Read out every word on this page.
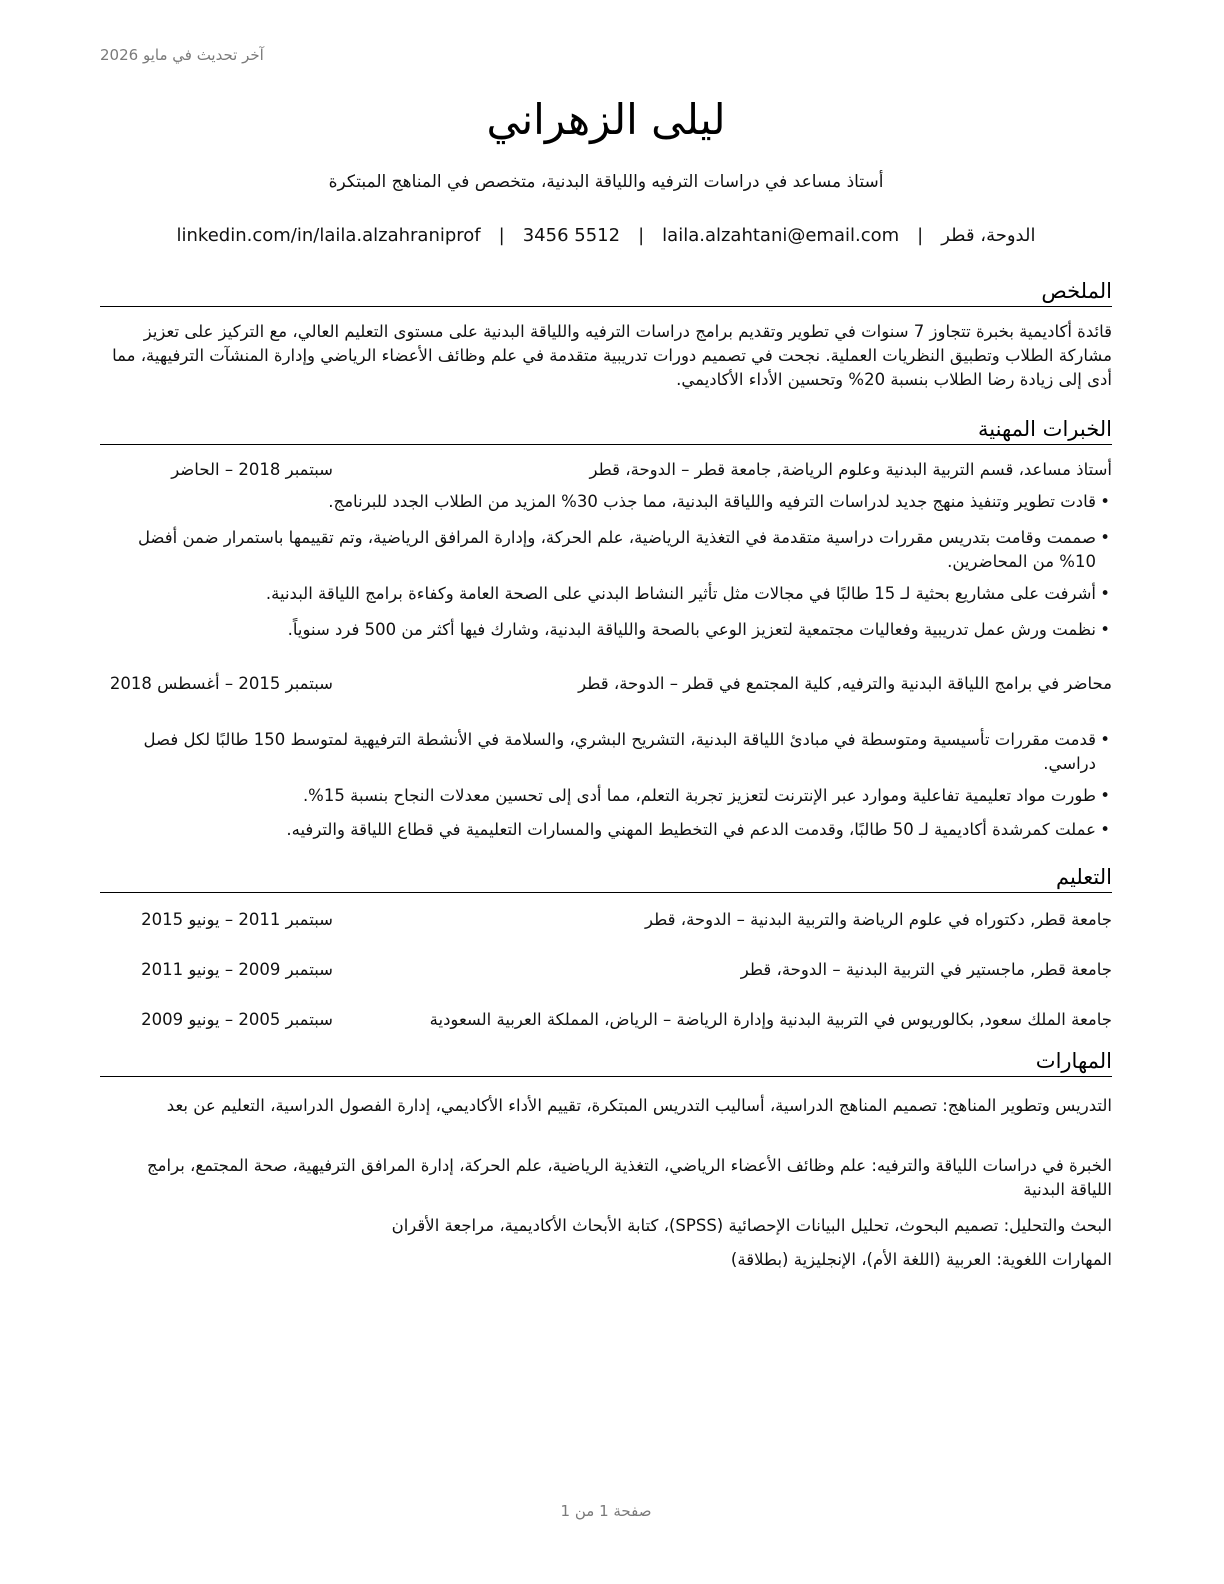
آخر تحديث في مايو 2026
ليلى الزهراني
أستاذ مساعد في دراسات الترفيه واللياقة البدنية، متخصص في المناهج المبتكرة
الدوحة، قطر
|
laila.alzahtani@email.com
|
3456 5512
|
linkedin.com/in/laila.alzahraniprof
الملخص
قائدة أكاديمية بخبرة تتجاوز 7 سنوات في تطوير وتقديم برامج دراسات الترفيه واللياقة البدنية على مستوى التعليم العالي، مع التركيز على تعزيز مشاركة الطلاب وتطبيق النظريات العملية. نجحت في تصميم دورات تدريبية متقدمة في علم وظائف الأعضاء الرياضي وإدارة المنشآت الترفيهية، مما أدى إلى زيادة رضا الطلاب بنسبة 20% وتحسين الأداء الأكاديمي.
الخبرات المهنية
أستاذ مساعد، قسم التربية البدنية وعلوم الرياضة, جامعة قطر – الدوحة، قطر
سبتمبر 2018 – الحاضر
• قادت تطوير وتنفيذ منهج جديد لدراسات الترفيه واللياقة البدنية، مما جذب 30% المزيد من الطلاب الجدد للبرنامج.
• صممت وقامت بتدريس مقررات دراسية متقدمة في التغذية الرياضية، علم الحركة، وإدارة المرافق الرياضية، وتم تقييمها باستمرار ضمن أفضل 10% من المحاضرين.
• أشرفت على مشاريع بحثية لـ 15 طالبًا في مجالات مثل تأثير النشاط البدني على الصحة العامة وكفاءة برامج اللياقة البدنية.
• نظمت ورش عمل تدريبية وفعاليات مجتمعية لتعزيز الوعي بالصحة واللياقة البدنية، وشارك فيها أكثر من 500 فرد سنوياً.
محاضر في برامج اللياقة البدنية والترفيه, كلية المجتمع في قطر – الدوحة، قطر
سبتمبر 2015 – أغسطس 2018
• قدمت مقررات تأسيسية ومتوسطة في مبادئ اللياقة البدنية، التشريح البشري، والسلامة في الأنشطة الترفيهية لمتوسط 150 طالبًا لكل فصل دراسي.
• طورت مواد تعليمية تفاعلية وموارد عبر الإنترنت لتعزيز تجربة التعلم، مما أدى إلى تحسين معدلات النجاح بنسبة 15%.
• عملت كمرشدة أكاديمية لـ 50 طالبًا، وقدمت الدعم في التخطيط المهني والمسارات التعليمية في قطاع اللياقة والترفيه.
التعليم
جامعة قطر, دكتوراه في علوم الرياضة والتربية البدنية – الدوحة، قطر
سبتمبر 2011 – يونيو 2015
جامعة قطر, ماجستير في التربية البدنية – الدوحة، قطر
سبتمبر 2009 – يونيو 2011
جامعة الملك سعود, بكالوريوس في التربية البدنية وإدارة الرياضة – الرياض، المملكة العربية السعودية
سبتمبر 2005 – يونيو 2009
المهارات
التدريس وتطوير المناهج: تصميم المناهج الدراسية، أساليب التدريس المبتكرة، تقييم الأداء الأكاديمي، إدارة الفصول الدراسية، التعليم عن بعد
الخبرة في دراسات اللياقة والترفيه: علم وظائف الأعضاء الرياضي، التغذية الرياضية، علم الحركة، إدارة المرافق الترفيهية، صحة المجتمع، برامج اللياقة البدنية
البحث والتحليل: تصميم البحوث، تحليل البيانات الإحصائية (SPSS)، كتابة الأبحاث الأكاديمية، مراجعة الأقران
المهارات اللغوية: العربية (اللغة الأم)، الإنجليزية (بطلاقة)
صفحة 1 من 1
